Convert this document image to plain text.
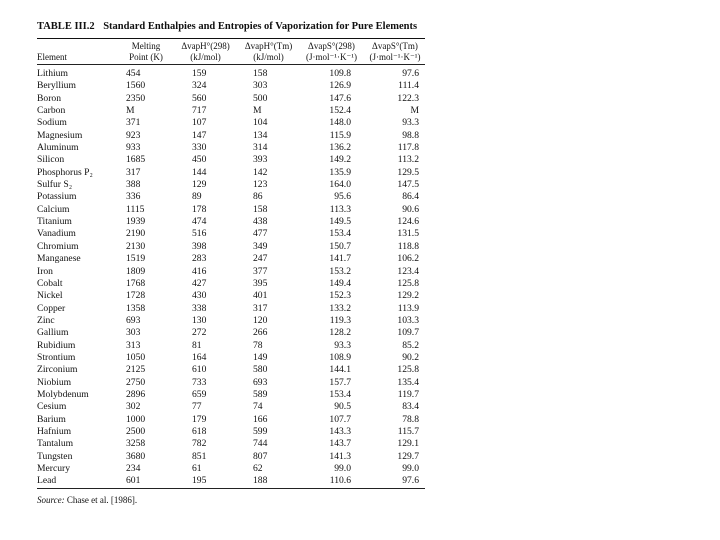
TABLE III.2 Standard Enthalpies and Entropies of Vaporization for Pure Elements
	Melting	ΔvapH°(298)	ΔvapH°(Tm)	ΔvapS°(298)	ΔvapS°(Tm)
Element	Point (K)	(kJ/mol)	(kJ/mol)	(J·mol⁻¹·K⁻¹)	(J·mol⁻¹·K⁻¹)

Lithium	454	159	158	109.8	97.6
Beryllium	1560	324	303	126.9	111.4
Boron	2350	560	500	147.6	122.3
Carbon	M	717	M	152.4	M
Sodium	371	107	104	148.0	93.3
Magnesium	923	147	134	115.9	98.8
Aluminum	933	330	314	136.2	117.8
Silicon	1685	450	393	149.2	113.2
Phosphorus P₂	317	144	142	135.9	129.5
Sulfur S₂	388	129	123	164.0	147.5
Potassium	336	89	86	95.6	86.4
Calcium	1115	178	158	113.3	90.6
Titanium	1939	474	438	149.5	124.6
Vanadium	2190	516	477	153.4	131.5
Chromium	2130	398	349	150.7	118.8
Manganese	1519	283	247	141.7	106.2
Iron	1809	416	377	153.2	123.4
Cobalt	1768	427	395	149.4	125.8
Nickel	1728	430	401	152.3	129.2
Copper	1358	338	317	133.2	113.9
Zinc	693	130	120	119.3	103.3
Gallium	303	272	266	128.2	109.7
Rubidium	313	81	78	93.3	85.2
Strontium	1050	164	149	108.9	90.2
Zirconium	2125	610	580	144.1	125.8
Niobium	2750	733	693	157.7	135.4
Molybdenum	2896	659	589	153.4	119.7
Cesium	302	77	74	90.5	83.4
Barium	1000	179	166	107.7	78.8
Hafnium	2500	618	599	143.3	115.7
Tantalum	3258	782	744	143.7	129.1
Tungsten	3680	851	807	141.3	129.7
Mercury	234	61	62	99.0	99.0
Lead	601	195	188	110.6	97.6
Source: Chase et al. [1986].
